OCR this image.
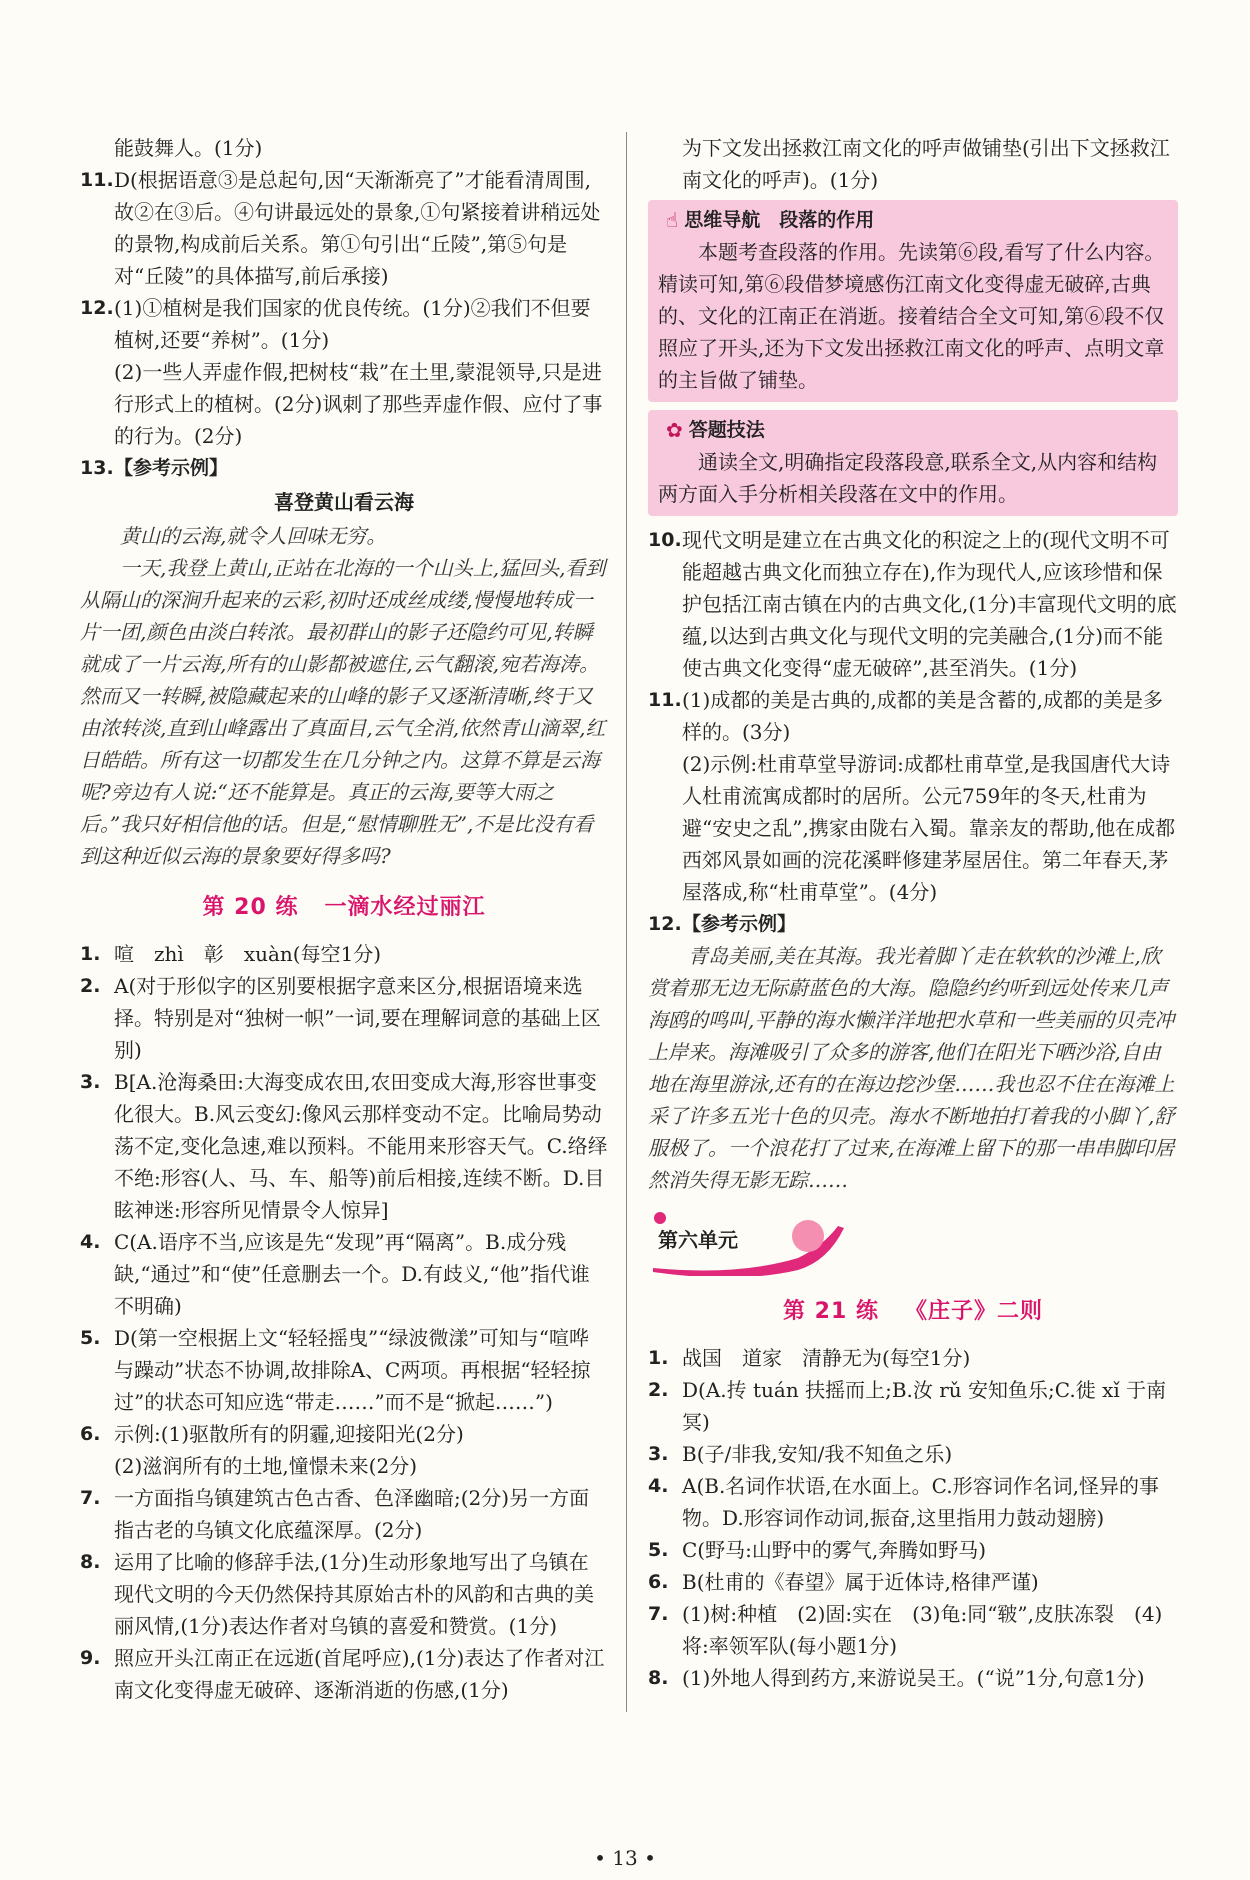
能鼓舞人。(1分)

11. D(根据语意③是总起句,因“天渐渐亮了”才能看清周围,故②在③后。④句讲最远处的景象,①句紧接着讲稍远处的景物,构成前后关系。第①句引出“丘陵”,第⑤句是对“丘陵”的具体描写,前后承接)

12. (1)①植树是我们国家的优良传统。(1分)②我们不但要植树,还要“养树”。(1分)

(2)一些人弄虚作假,把树枝“栽”在土里,蒙混领导,只是进行形式上的植树。(2分)讽刺了那些弄虚作假、应付了事的行为。(2分)

13. 【参考示例】

喜登黄山看云海

黄山的云海,就令人回味无穷。

一天,我登上黄山,正站在北海的一个山头上,猛回头,看到从隔山的深涧升起来的云彩,初时还成丝成缕,慢慢地转成一片一团,颜色由淡白转浓。最初群山的影子还隐约可见,转瞬就成了一片云海,所有的山影都被遮住,云气翻滚,宛若海涛。然而又一转瞬,被隐藏起来的山峰的影子又逐渐清晰,终于又由浓转淡,直到山峰露出了真面目,云气全消,依然青山滴翠,红日皓皓。所有这一切都发生在几分钟之内。这算不算是云海呢?旁边有人说:“还不能算是。真正的云海,要等大雨之后。”我只好相信他的话。但是,“慰情聊胜无”,不是比没有看到这种近似云海的景象要好得多吗?

第 20 练 一滴水经过丽江
1. 喧　zhì　彰　xuàn(每空1分)

2. A(对于形似字的区别要根据字意来区分,根据语境来选择。特别是对“独树一帜”一词,要在理解词意的基础上区别)

3. B[A.沧海桑田:大海变成农田,农田变成大海,形容世事变化很大。B.风云变幻:像风云那样变动不定。比喻局势动荡不定,变化急速,难以预料。不能用来形容天气。C.络绎不绝:形容(人、马、车、船等)前后相接,连续不断。D.目眩神迷:形容所见情景令人惊异]

4. C(A.语序不当,应该是先“发现”再“隔离”。B.成分残缺,“通过”和“使”任意删去一个。D.有歧义,“他”指代谁不明确)

5. D(第一空根据上文“轻轻摇曳”“绿波微漾”可知与“喧哗与躁动”状态不协调,故排除A、C两项。再根据“轻轻掠过”的状态可知应选“带走……”而不是“掀起……”)

6. 示例:(1)驱散所有的阴霾,迎接阳光(2分)

(2)滋润所有的土地,憧憬未来(2分)

7. 一方面指乌镇建筑古色古香、色泽幽暗;(2分)另一方面指古老的乌镇文化底蕴深厚。(2分)

8. 运用了比喻的修辞手法,(1分)生动形象地写出了乌镇在现代文明的今天仍然保持其原始古朴的风韵和古典的美丽风情,(1分)表达作者对乌镇的喜爱和赞赏。(1分)

9. 照应开头江南正在远逝(首尾呼应),(1分)表达了作者对江南文化变得虚无破碎、逐渐消逝的伤感,(1分)

为下文发出拯救江南文化的呼声做铺垫(引出下文拯救江南文化的呼声)。(1分)

☝ 思维导航　段落的作用

本题考查段落的作用。先读第⑥段,看写了什么内容。精读可知,第⑥段借梦境感伤江南文化变得虚无破碎,古典的、文化的江南正在消逝。接着结合全文可知,第⑥段不仅照应了开头,还为下文发出拯救江南文化的呼声、点明文章的主旨做了铺垫。

✿ 答题技法

通读全文,明确指定段落段意,联系全文,从内容和结构两方面入手分析相关段落在文中的作用。

10. 现代文明是建立在古典文化的积淀之上的(现代文明不可能超越古典文化而独立存在),作为现代人,应该珍惜和保护包括江南古镇在内的古典文化,(1分)丰富现代文明的底蕴,以达到古典文化与现代文明的完美融合,(1分)而不能使古典文化变得“虚无破碎”,甚至消失。(1分)

11. (1)成都的美是古典的,成都的美是含蓄的,成都的美是多样的。(3分)

(2)示例:杜甫草堂导游词:成都杜甫草堂,是我国唐代大诗人杜甫流寓成都时的居所。公元759年的冬天,杜甫为避“安史之乱”,携家由陇右入蜀。靠亲友的帮助,他在成都西郊风景如画的浣花溪畔修建茅屋居住。第二年春天,茅屋落成,称“杜甫草堂”。(4分)

12. 【参考示例】

青岛美丽,美在其海。我光着脚丫走在软软的沙滩上,欣赏着那无边无际蔚蓝色的大海。隐隐约约听到远处传来几声海鸥的鸣叫,平静的海水懒洋洋地把水草和一些美丽的贝壳冲上岸来。海滩吸引了众多的游客,他们在阳光下晒沙浴,自由地在海里游泳,还有的在海边挖沙堡……我也忍不住在海滩上采了许多五光十色的贝壳。海水不断地拍打着我的小脚丫,舒服极了。一个浪花打了过来,在海滩上留下的那一串串脚印居然消失得无影无踪……

第六单元
第 21 练 《庄子》二则
1. 战国　道家　清静无为(每空1分)

2. D(A.抟 tuán 扶摇而上;B.汝 rǔ 安知鱼乐;C.徙 xǐ 于南冥)

3. B(子/非我,安知/我不知鱼之乐)

4. A(B.名词作状语,在水面上。C.形容词作名词,怪异的事物。D.形容词作动词,振奋,这里指用力鼓动翅膀)

5. C(野马:山野中的雾气,奔腾如野马)

6. B(杜甫的《春望》属于近体诗,格律严谨)

7. (1)树:种植　(2)固:实在　(3)龟:同“皲”,皮肤冻裂　(4)将:率领军队(每小题1分)

8. (1)外地人得到药方,来游说吴王。(“说”1分,句意1分)

• 13 •
